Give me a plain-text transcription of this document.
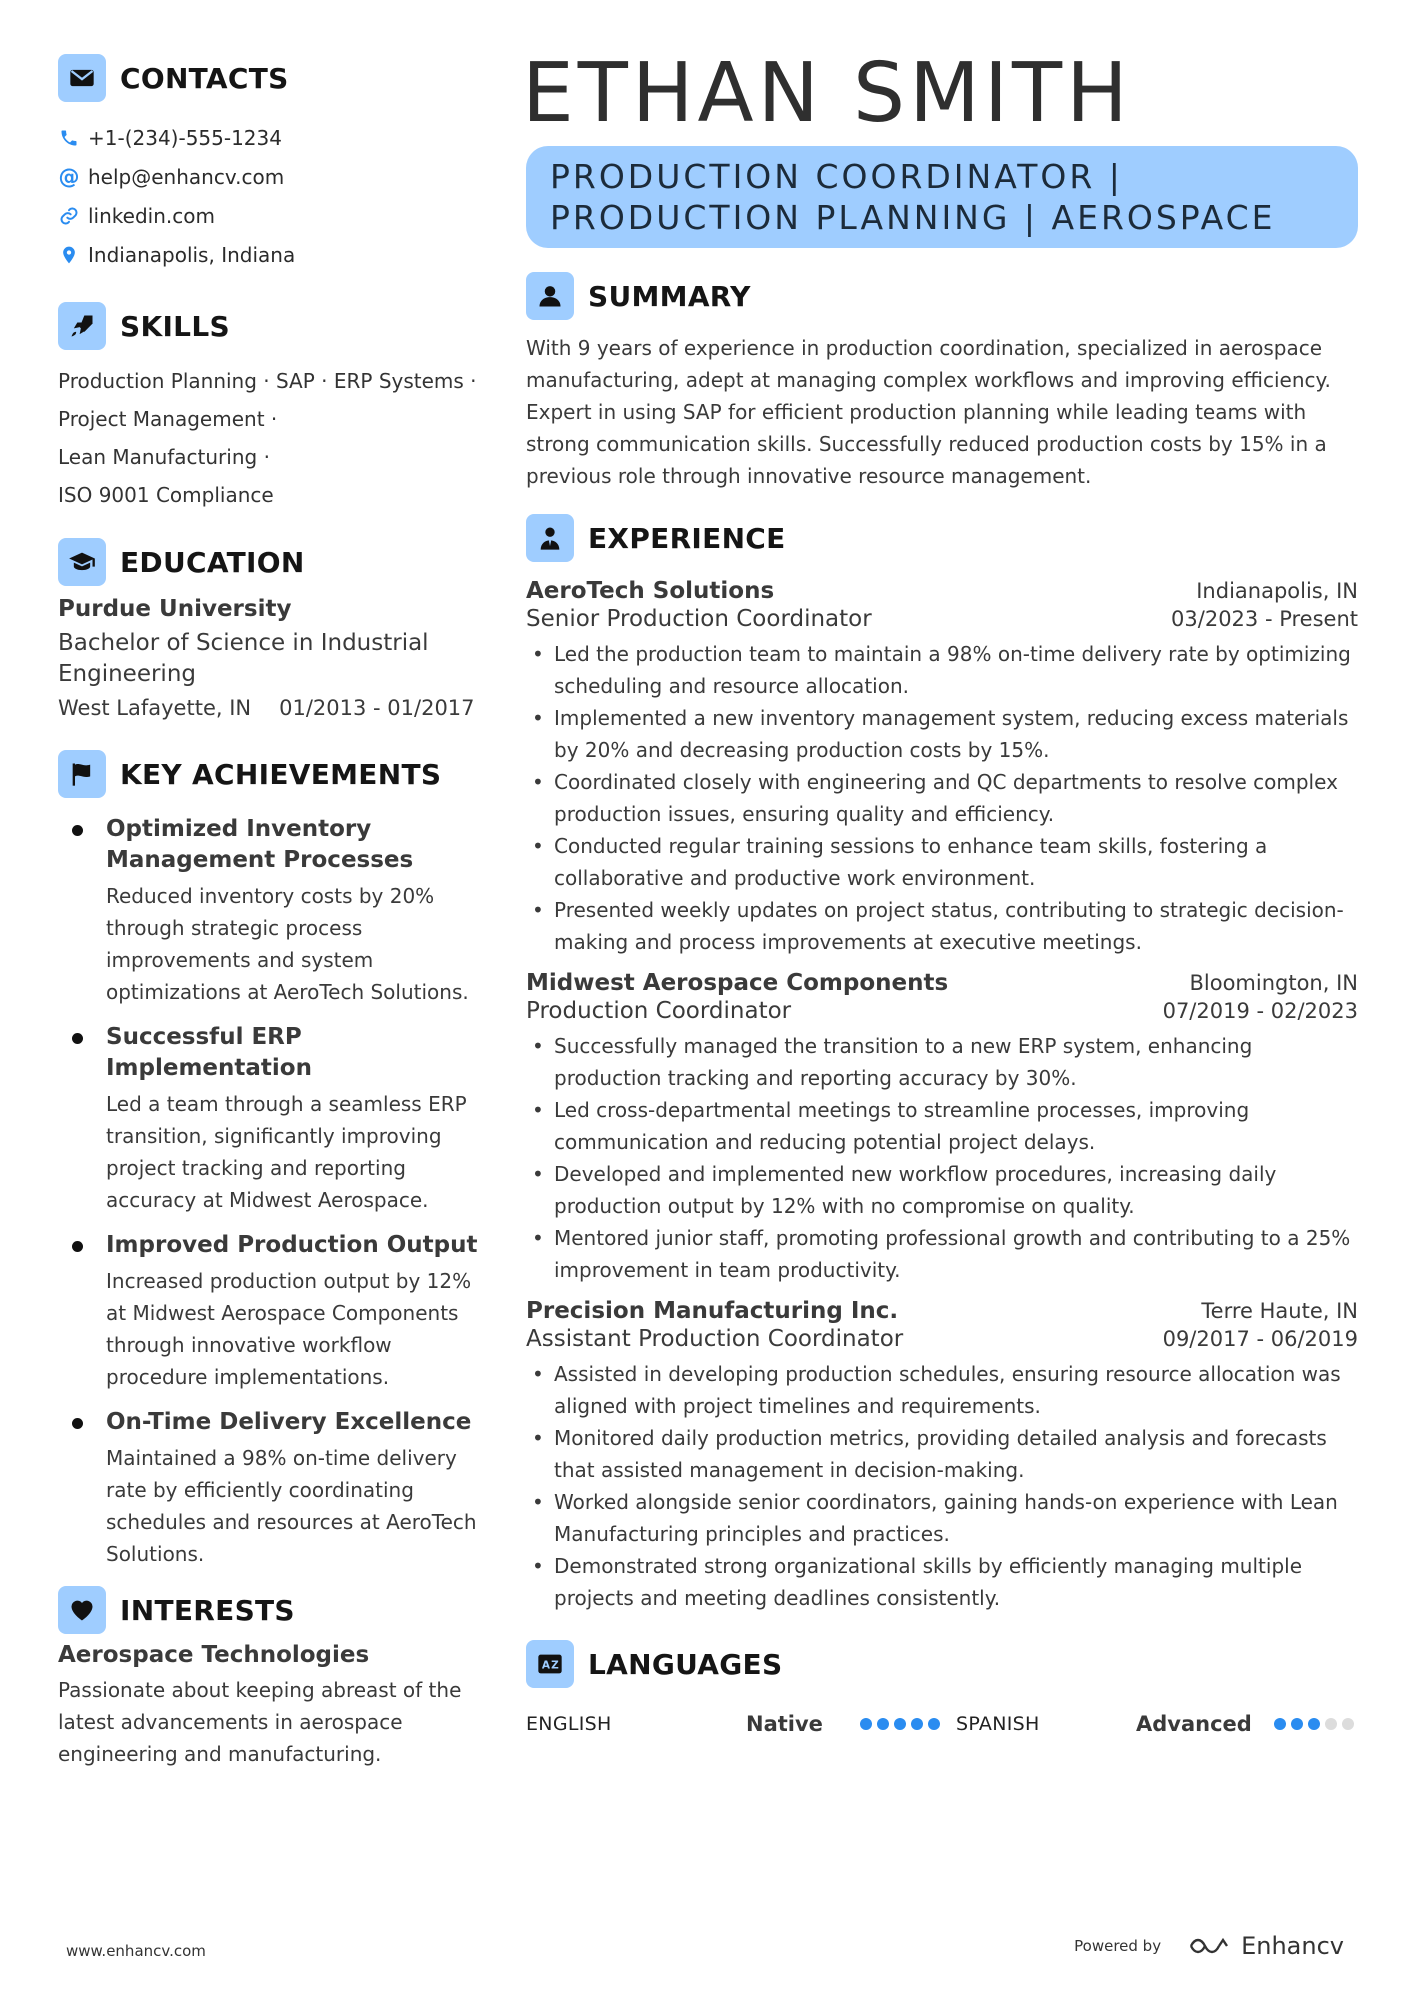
CONTACTS
+1-(234)-555-1234
@ help@enhancv.com
linkedin.com
Indianapolis, Indiana
SKILLS
Production Planning · SAP · ERP Systems ·
Project Management ·
Lean Manufacturing ·
ISO 9001 Compliance
EDUCATION
Purdue University
Bachelor of Science in Industrial Engineering
West Lafayette, IN 01/2013 - 01/2017
KEY ACHIEVEMENTS
Optimized Inventory Management Processes
Reduced inventory costs by 20% through strategic process improvements and system optimizations at AeroTech Solutions.
Successful ERP Implementation
Led a team through a seamless ERP transition, significantly improving project tracking and reporting accuracy at Midwest Aerospace.
Improved Production Output
Increased production output by 12% at Midwest Aerospace Components through innovative workflow procedure implementations.
On-Time Delivery Excellence
Maintained a 98% on-time delivery rate by efficiently coordinating schedules and resources at AeroTech Solutions.
INTERESTS
Aerospace Technologies
Passionate about keeping abreast of the latest advancements in aerospace engineering and manufacturing.
ETHAN SMITH
PRODUCTION COORDINATOR |
PRODUCTION PLANNING | AEROSPACE
SUMMARY
With 9 years of experience in production coordination, specialized in aerospace manufacturing, adept at managing complex workflows and improving efficiency. Expert in using SAP for efficient production planning while leading teams with strong communication skills. Successfully reduced production costs by 15% in a previous role through innovative resource management.
EXPERIENCE
AeroTech Solutions	Indianapolis, IN
Senior Production Coordinator	03/2023 - Present
• Led the production team to maintain a 98% on-time delivery rate by optimizing scheduling and resource allocation.
• Implemented a new inventory management system, reducing excess materials by 20% and decreasing production costs by 15%.
• Coordinated closely with engineering and QC departments to resolve complex production issues, ensuring quality and efficiency.
• Conducted regular training sessions to enhance team skills, fostering a collaborative and productive work environment.
• Presented weekly updates on project status, contributing to strategic decision-making and process improvements at executive meetings.
Midwest Aerospace Components	Bloomington, IN
Production Coordinator	07/2019 - 02/2023
• Successfully managed the transition to a new ERP system, enhancing production tracking and reporting accuracy by 30%.
• Led cross-departmental meetings to streamline processes, improving communication and reducing potential project delays.
• Developed and implemented new workflow procedures, increasing daily production output by 12% with no compromise on quality.
• Mentored junior staff, promoting professional growth and contributing to a 25% improvement in team productivity.
Precision Manufacturing Inc.	Terre Haute, IN
Assistant Production Coordinator	09/2017 - 06/2019
• Assisted in developing production schedules, ensuring resource allocation was aligned with project timelines and requirements.
• Monitored daily production metrics, providing detailed analysis and forecasts that assisted management in decision-making.
• Worked alongside senior coordinators, gaining hands-on experience with Lean Manufacturing principles and practices.
• Demonstrated strong organizational skills by efficiently managing multiple projects and meeting deadlines consistently.
A Z LANGUAGES
ENGLISH	Native	SPANISH	Advanced
www.enhancv.com	Powered by	Enhancv
